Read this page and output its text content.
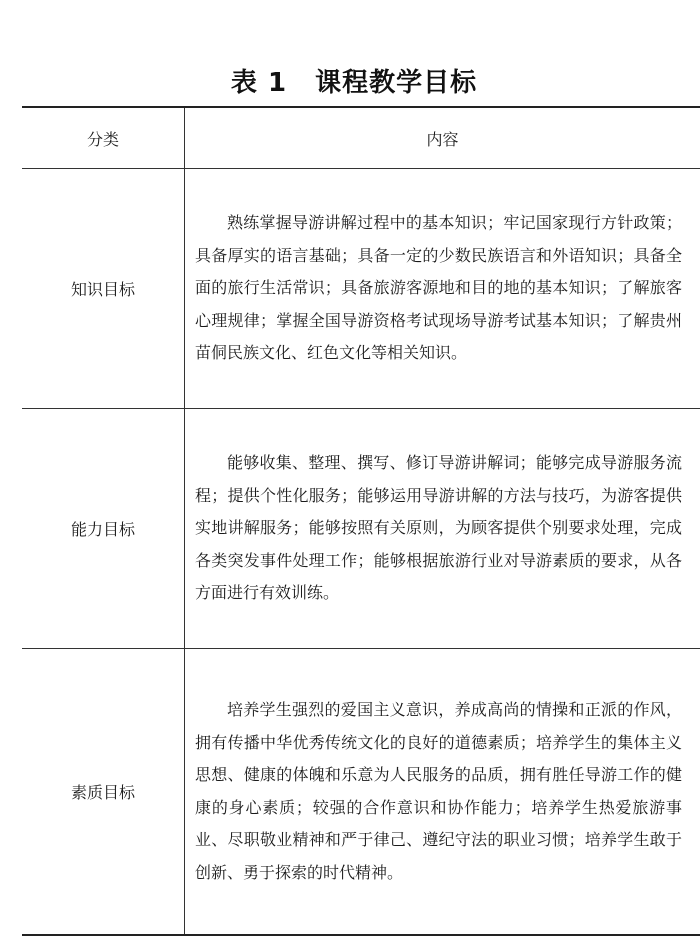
表 1 课程教学目标
分类	内容
知识目标

熟练掌握导游讲解过程中的基本知识；牢记国家现行方针政策；具备厚实的语言基础；具备一定的少数民族语言和外语知识；具备全面的旅行生活常识；具备旅游客源地和目的地的基本知识；了解旅客心理规律；掌握全国导游资格考试现场导游考试基本知识；了解贵州苗侗民族文化、红色文化等相关知识。

能力目标

能够收集、整理、撰写、修订导游讲解词；能够完成导游服务流程；提供个性化服务；能够运用导游讲解的方法与技巧，为游客提供实地讲解服务；能够按照有关原则，为顾客提供个别要求处理，完成各类突发事件处理工作；能够根据旅游行业对导游素质的要求，从各方面进行有效训练。

素质目标

培养学生强烈的爱国主义意识，养成高尚的情操和正派的作风，拥有传播中华优秀传统文化的良好的道德素质；培养学生的集体主义思想、健康的体魄和乐意为人民服务的品质，拥有胜任导游工作的健康的身心素质；较强的合作意识和协作能力；培养学生热爱旅游事业、尽职敬业精神和严于律己、遵纪守法的职业习惯；培养学生敢于创新、勇于探索的时代精神。
